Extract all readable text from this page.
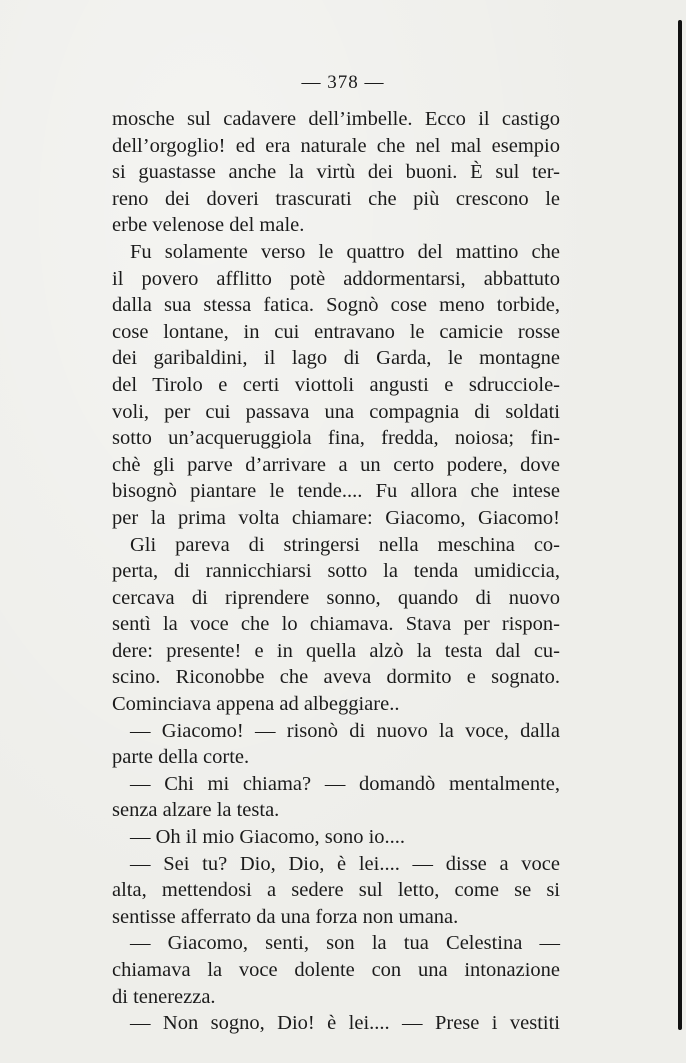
— 378 —
mosche sul cadavere dell’imbelle. Ecco il castigo
dell’orgoglio! ed era naturale che nel mal esempio
si guastasse anche la virtù dei buoni. È sul ter-
reno dei doveri trascurati che più crescono le
erbe velenose del male.
Fu solamente verso le quattro del mattino che
il povero afflitto potè addormentarsi, abbattuto
dalla sua stessa fatica. Sognò cose meno torbide,
cose lontane, in cui entravano le camicie rosse
dei garibaldini, il lago di Garda, le montagne
del Tirolo e certi viottoli angusti e sdrucciole-
voli, per cui passava una compagnia di soldati
sotto un’acqueruggiola fina, fredda, noiosa; fin-
chè gli parve d’arrivare a un certo podere, dove
bisognò piantare le tende.... Fu allora che intese
per la prima volta chiamare: Giacomo, Giacomo!
Gli pareva di stringersi nella meschina co-
perta, di rannicchiarsi sotto la tenda umidiccia,
cercava di riprendere sonno, quando di nuovo
sentì la voce che lo chiamava. Stava per rispon-
dere: presente! e in quella alzò la testa dal cu-
scino. Riconobbe che aveva dormito e sognato.
Cominciava appena ad albeggiare..
— Giacomo! — risonò di nuovo la voce, dalla
parte della corte.
— Chi mi chiama? — domandò mentalmente,
senza alzare la testa.
— Oh il mio Giacomo, sono io....
— Sei tu? Dio, Dio, è lei.... — disse a voce
alta, mettendosi a sedere sul letto, come se si
sentisse afferrato da una forza non umana.
— Giacomo, senti, son la tua Celestina —
chiamava la voce dolente con una intonazione
di tenerezza.
— Non sogno, Dio! è lei.... — Prese i vestiti
